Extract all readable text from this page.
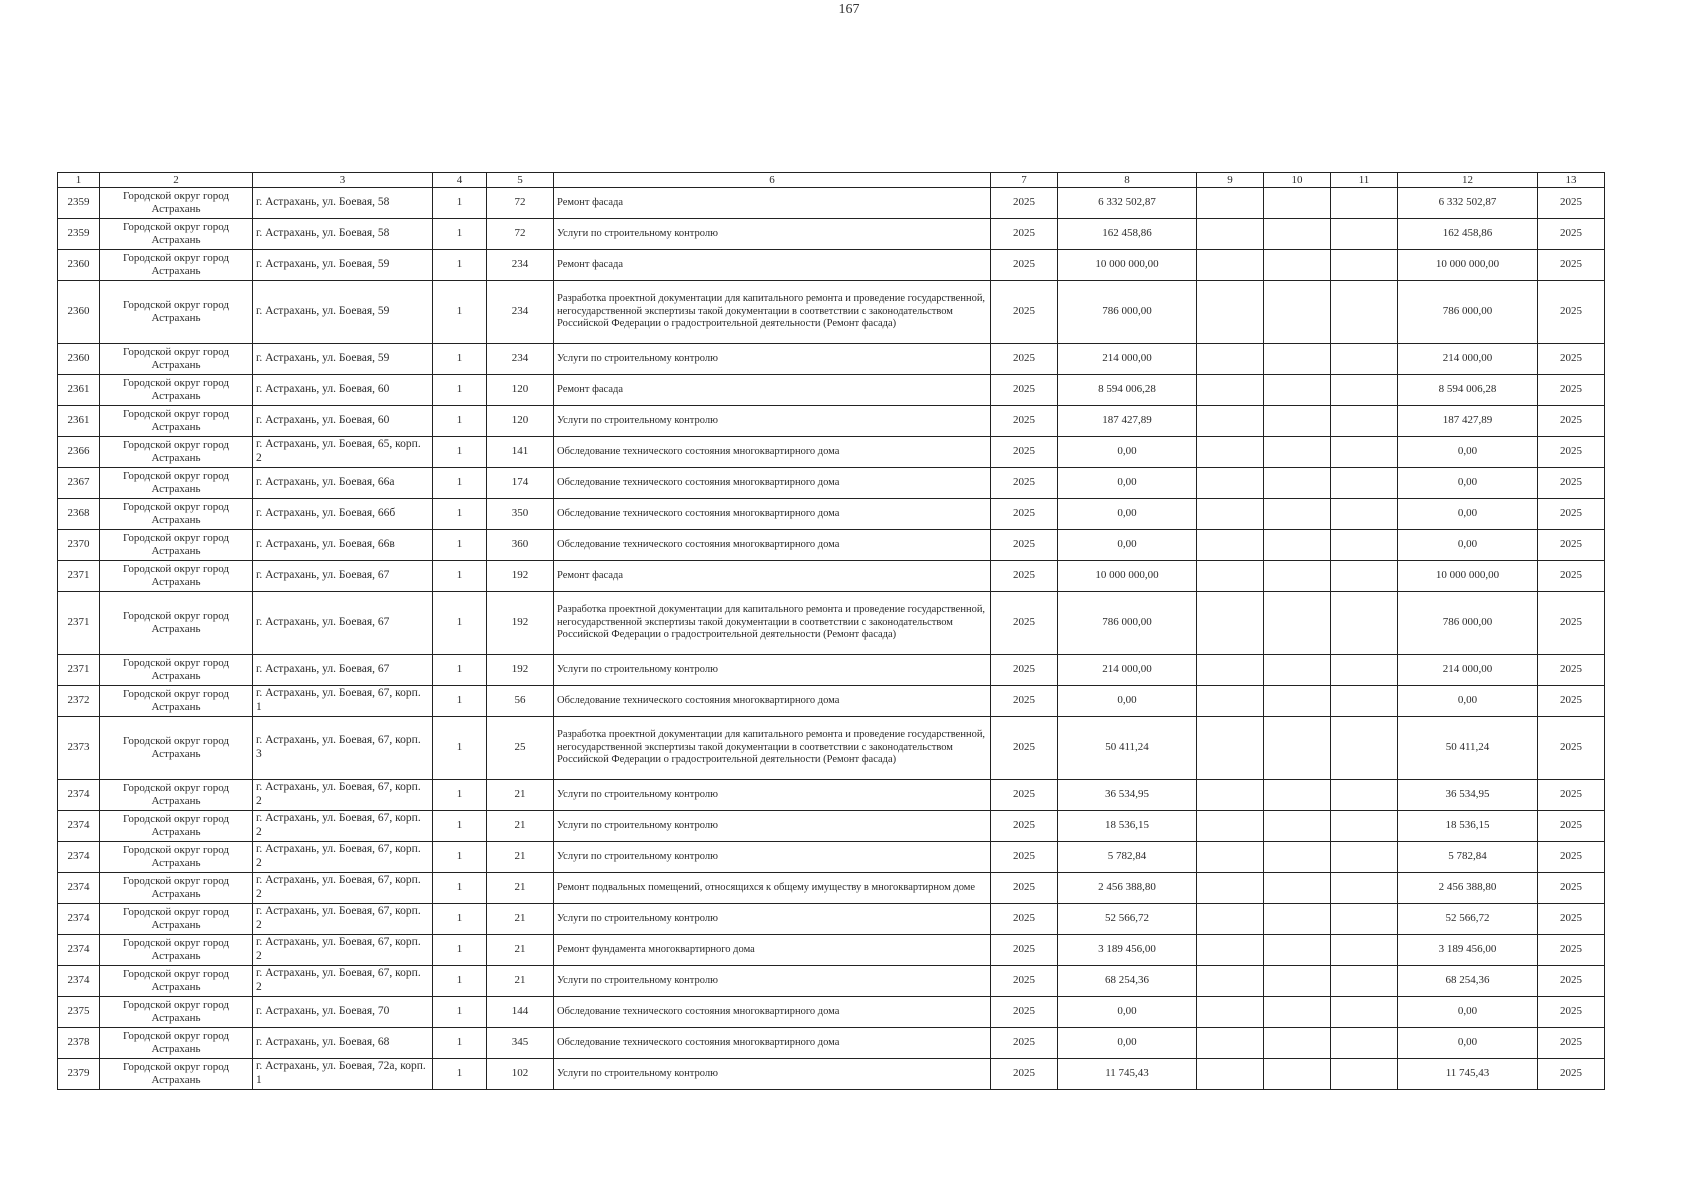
167
1	2	3	4	5	6	7	8	9	10	11	12	13
2359	Городской округ город Астрахань	г. Астрахань, ул. Боевая, 58	1	72	Ремонт фасада	2025	6 332 502,87				6 332 502,87	2025
2359	Городской округ город Астрахань	г. Астрахань, ул. Боевая, 58	1	72	Услуги по строительному контролю	2025	162 458,86				162 458,86	2025
2360	Городской округ город Астрахань	г. Астрахань, ул. Боевая, 59	1	234	Ремонт фасада	2025	10 000 000,00				10 000 000,00	2025
2360	Городской округ город Астрахань	г. Астрахань, ул. Боевая, 59	1	234	Разработка проектной документации для капитального ремонта и проведение государственной, негосударственной экспертизы такой документации в соответствии с законодательством Российской Федерации о градостроительной деятельности (Ремонт фасада)	2025	786 000,00				786 000,00	2025
2360	Городской округ город Астрахань	г. Астрахань, ул. Боевая, 59	1	234	Услуги по строительному контролю	2025	214 000,00				214 000,00	2025
2361	Городской округ город Астрахань	г. Астрахань, ул. Боевая, 60	1	120	Ремонт фасада	2025	8 594 006,28				8 594 006,28	2025
2361	Городской округ город Астрахань	г. Астрахань, ул. Боевая, 60	1	120	Услуги по строительному контролю	2025	187 427,89				187 427,89	2025
2366	Городской округ город Астрахань	г. Астрахань, ул. Боевая, 65, корп. 2	1	141	Обследование технического состояния многоквартирного дома	2025	0,00				0,00	2025
2367	Городской округ город Астрахань	г. Астрахань, ул. Боевая, 66а	1	174	Обследование технического состояния многоквартирного дома	2025	0,00				0,00	2025
2368	Городской округ город Астрахань	г. Астрахань, ул. Боевая, 66б	1	350	Обследование технического состояния многоквартирного дома	2025	0,00				0,00	2025
2370	Городской округ город Астрахань	г. Астрахань, ул. Боевая, 66в	1	360	Обследование технического состояния многоквартирного дома	2025	0,00				0,00	2025
2371	Городской округ город Астрахань	г. Астрахань, ул. Боевая, 67	1	192	Ремонт фасада	2025	10 000 000,00				10 000 000,00	2025
2371	Городской округ город Астрахань	г. Астрахань, ул. Боевая, 67	1	192	Разработка проектной документации для капитального ремонта и проведение государственной, негосударственной экспертизы такой документации в соответствии с законодательством Российской Федерации о градостроительной деятельности (Ремонт фасада)	2025	786 000,00				786 000,00	2025
2371	Городской округ город Астрахань	г. Астрахань, ул. Боевая, 67	1	192	Услуги по строительному контролю	2025	214 000,00				214 000,00	2025
2372	Городской округ город Астрахань	г. Астрахань, ул. Боевая, 67, корп. 1	1	56	Обследование технического состояния многоквартирного дома	2025	0,00				0,00	2025
2373	Городской округ город Астрахань	г. Астрахань, ул. Боевая, 67, корп. 3	1	25	Разработка проектной документации для капитального ремонта и проведение государственной, негосударственной экспертизы такой документации в соответствии с законодательством Российской Федерации о градостроительной деятельности (Ремонт фасада)	2025	50 411,24				50 411,24	2025
2374	Городской округ город Астрахань	г. Астрахань, ул. Боевая, 67, корп. 2	1	21	Услуги по строительному контролю	2025	36 534,95				36 534,95	2025
2374	Городской округ город Астрахань	г. Астрахань, ул. Боевая, 67, корп. 2	1	21	Услуги по строительному контролю	2025	18 536,15				18 536,15	2025
2374	Городской округ город Астрахань	г. Астрахань, ул. Боевая, 67, корп. 2	1	21	Услуги по строительному контролю	2025	5 782,84				5 782,84	2025
2374	Городской округ город Астрахань	г. Астрахань, ул. Боевая, 67, корп. 2	1	21	Ремонт подвальных помещений, относящихся к общему имуществу в многоквартирном доме	2025	2 456 388,80				2 456 388,80	2025
2374	Городской округ город Астрахань	г. Астрахань, ул. Боевая, 67, корп. 2	1	21	Услуги по строительному контролю	2025	52 566,72				52 566,72	2025
2374	Городской округ город Астрахань	г. Астрахань, ул. Боевая, 67, корп. 2	1	21	Ремонт фундамента многоквартирного дома	2025	3 189 456,00				3 189 456,00	2025
2374	Городской округ город Астрахань	г. Астрахань, ул. Боевая, 67, корп. 2	1	21	Услуги по строительному контролю	2025	68 254,36				68 254,36	2025
2375	Городской округ город Астрахань	г. Астрахань, ул. Боевая, 70	1	144	Обследование технического состояния многоквартирного дома	2025	0,00				0,00	2025
2378	Городской округ город Астрахань	г. Астрахань, ул. Боевая, 68	1	345	Обследование технического состояния многоквартирного дома	2025	0,00				0,00	2025
2379	Городской округ город Астрахань	г. Астрахань, ул. Боевая, 72а, корп. 1	1	102	Услуги по строительному контролю	2025	11 745,43				11 745,43	2025
